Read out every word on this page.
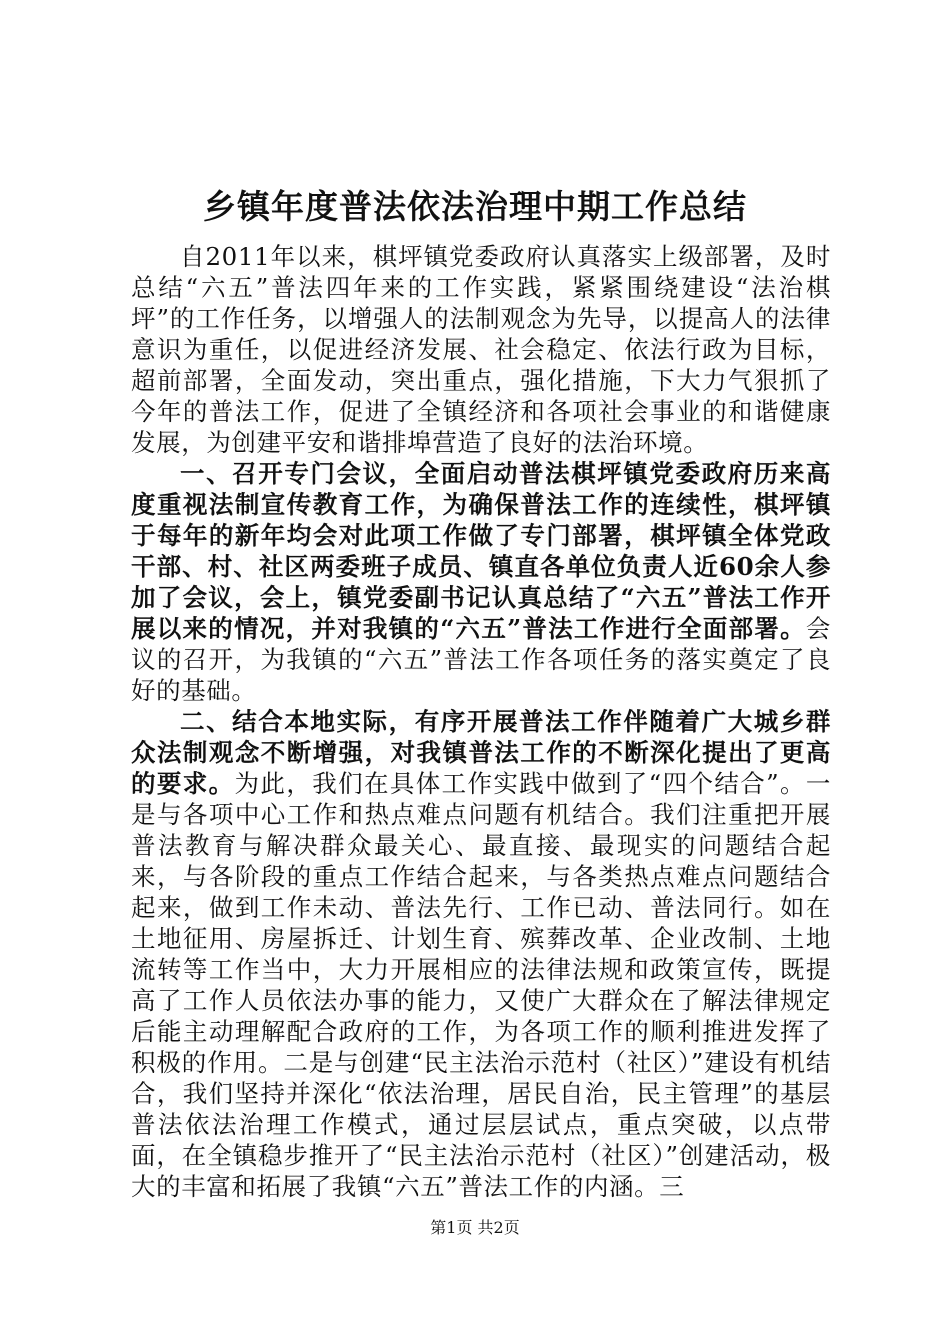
乡镇年度普法依法治理中期工作总结

自2011年以来，棋坪镇党委政府认真落实上级部署，及时总结“六五”普法四年来的工作实践，紧紧围绕建设“法治棋坪”的工作任务，以增强人的法制观念为先导，以提高人的法律意识为重任，以促进经济发展、社会稳定、依法行政为目标，超前部署，全面发动，突出重点，强化措施，下大力气狠抓了今年的普法工作，促进了全镇经济和各项社会事业的和谐健康发展，为创建平安和谐排埠营造了良好的法治环境。

一、召开专门会议，全面启动普法棋坪镇党委政府历来高度重视法制宣传教育工作，为确保普法工作的连续性，棋坪镇于每年的新年均会对此项工作做了专门部署，棋坪镇全体党政干部、村、社区两委班子成员、镇直各单位负责人近60余人参加了会议，会上，镇党委副书记认真总结了“六五”普法工作开展以来的情况，并对我镇的“六五”普法工作进行全面部署。会议的召开，为我镇的“六五”普法工作各项任务的落实奠定了良好的基础。

二、结合本地实际，有序开展普法工作伴随着广大城乡群众法制观念不断增强，对我镇普法工作的不断深化提出了更高的要求。为此，我们在具体工作实践中做到了“四个结合”。一是与各项中心工作和热点难点问题有机结合。我们注重把开展普法教育与解决群众最关心、最直接、最现实的问题结合起来，与各阶段的重点工作结合起来，与各类热点难点问题结合起来，做到工作未动、普法先行、工作已动、普法同行。如在土地征用、房屋拆迁、计划生育、殡葬改革、企业改制、土地流转等工作当中，大力开展相应的法律法规和政策宣传，既提高了工作人员依法办事的能力，又使广大群众在了解法律规定后能主动理解配合政府的工作，为各项工作的顺利推进发挥了积极的作用。二是与创建“民主法治示范村（社区）”建设有机结合，我们坚持并深化“依法治理，居民自治，民主管理”的基层普法依法治理工作模式，通过层层试点，重点突破，以点带面，在全镇稳步推开了“民主法治示范村（社区）”创建活动，极大的丰富和拓展了我镇“六五”普法工作的内涵。三

第1页 共2页
